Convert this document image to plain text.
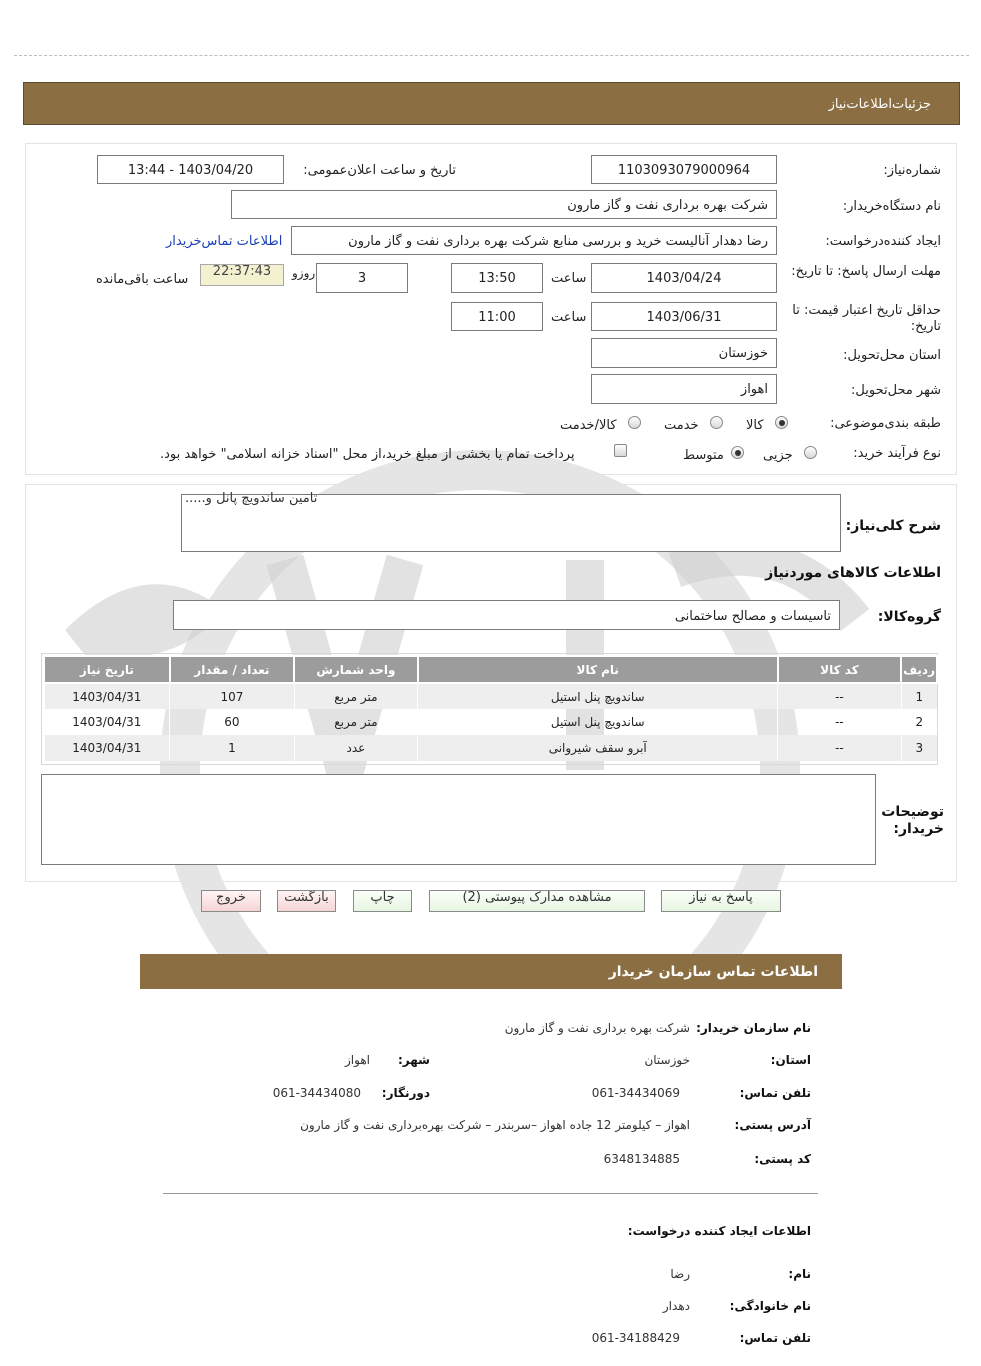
جزئیات‌اطلاعات‌نیاز
شمارەنیاز:
1103093079000964
تاریخ و ساعت اعلان‌عمومی:
1403/04/20 - 13:44
نام دستگاەخریدار:
شرکت بهره برداری نفت و گاز مارون
ایجاد کنندەدرخواست:
رضا دهدار آنالیست خرید و بررسی منابع شرکت بهره برداری نفت و گاز مارون
اطلاعات تماس‌خریدار
مهلت ارسال پاسخ: تا تاریخ:
1403/04/24
ساعت
13:50
3
روزو
22:37:43
ساعت باقی‌مانده
حداقل تاریخ اعتبار قیمت: تا تاریخ:
1403/06/31
ساعت
11:00
استان محل‌تحویل:
خوزستان
شهر محل‌تحویل:
اهواز
طبقه بندی‌موضوعی:
کالا
خدمت
کالا/خدمت
نوع فرآیند خرید:
جزیی
متوسط
پرداخت تمام یا بخشی از مبلغ خرید،از محل "اسناد خزانه اسلامی" خواهد بود.
شرح کلی‌نیاز:
تامین ساندویچ پانل و.....
اطلاعات کالاهای مورد‌نیاز
گروه‌کالا:
تاسیسات و مصالح ساختمانی
ردیف	کد کالا	نام کالا	واحد شمارش	تعداد / مقدار	تاریخ نیاز
1	--	ساندویچ پنل استیل	متر مربع	107	1403/04/31
2	--	ساندویچ پنل استیل	متر مربع	60	1403/04/31
3	--	آبرو سقف شیروانی	عدد	1	1403/04/31
توضیحات خریدار:
پاسخ به نیاز
مشاهده مدارک پیوستی (2)
چاپ
بازگشت
خروج
اطلاعات تماس سازمان خریدار
نام سازمان خریدار:
شرکت بهره برداری نفت و گاز مارون
استان:
خوزستان
شهر:
اهواز
تلفن تماس:
061-34434069
دورنگار:
061-34434080
آدرس پستی:
اهواز – کیلومتر 12 جاده اهواز –سربندر – شرکت بهره‌برداری نفت و گاز مارون
کد پستی:
6348134885
اطلاعات ایجاد کننده درخواست:
نام:
رضا
نام خانوادگی:
دهدار
تلفن تماس:
061-34188429
